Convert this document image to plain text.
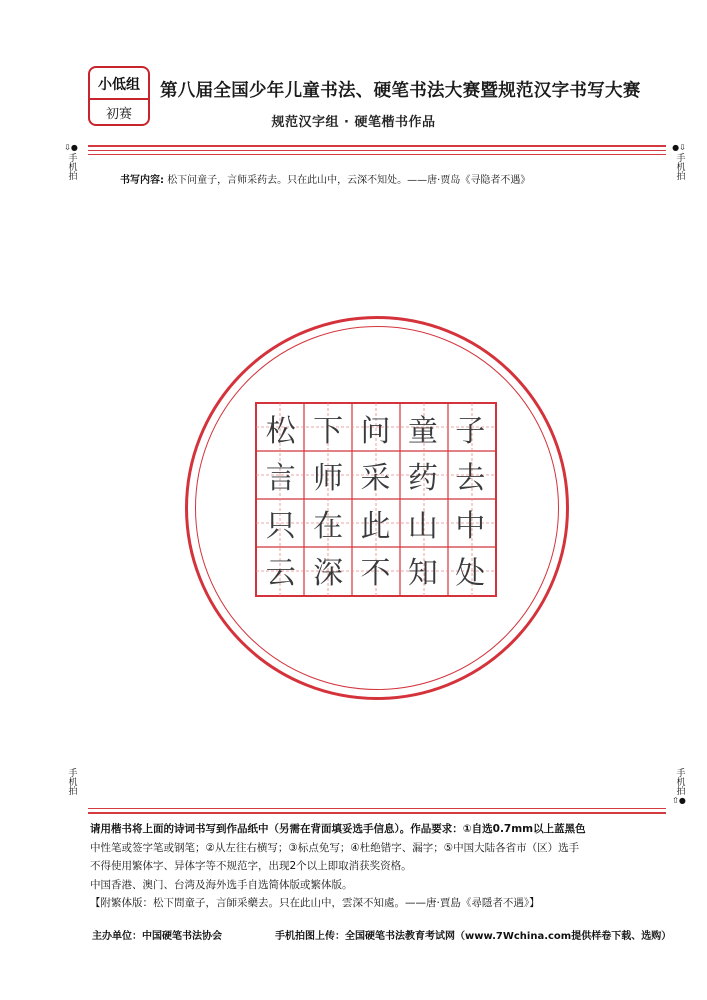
小低组
初赛
第八届全国少年儿童书法、硬笔书法大赛暨规范汉字书写大赛
规范汉字组 · 硬笔楷书作品
⇩●
手机拍
●⇩
手机拍
书写内容: 松下问童子，言师采药去。只在此山中，云深不知处。——唐·贾岛《寻隐者不遇》
松 下 问 童 子
言 师 采 药 去
只 在 此 山 中
云 深 不 知 处
手机拍	手机拍
⇧●
请用楷书将上面的诗词书写到作品纸中（另需在背面填妥选手信息）。作品要求：①自选0.7mm以上蓝黑色
中性笔或签字笔或钢笔；②从左往右横写；③标点免写；④杜绝错字、漏字；⑤中国大陆各省市（区）选手
不得使用繁体字、异体字等不规范字，出现2个以上即取消获奖资格。
中国香港、澳门、台湾及海外选手自选简体版或繁体版。
【附繁体版：松下問童子，言師采藥去。只在此山中，雲深不知處。——唐·賈島《尋隱者不遇》】
主办单位：中国硬笔书法协会	手机拍图上传：全国硬笔书法教育考试网（www.7Wchina.com提供样卷下载、选购）
